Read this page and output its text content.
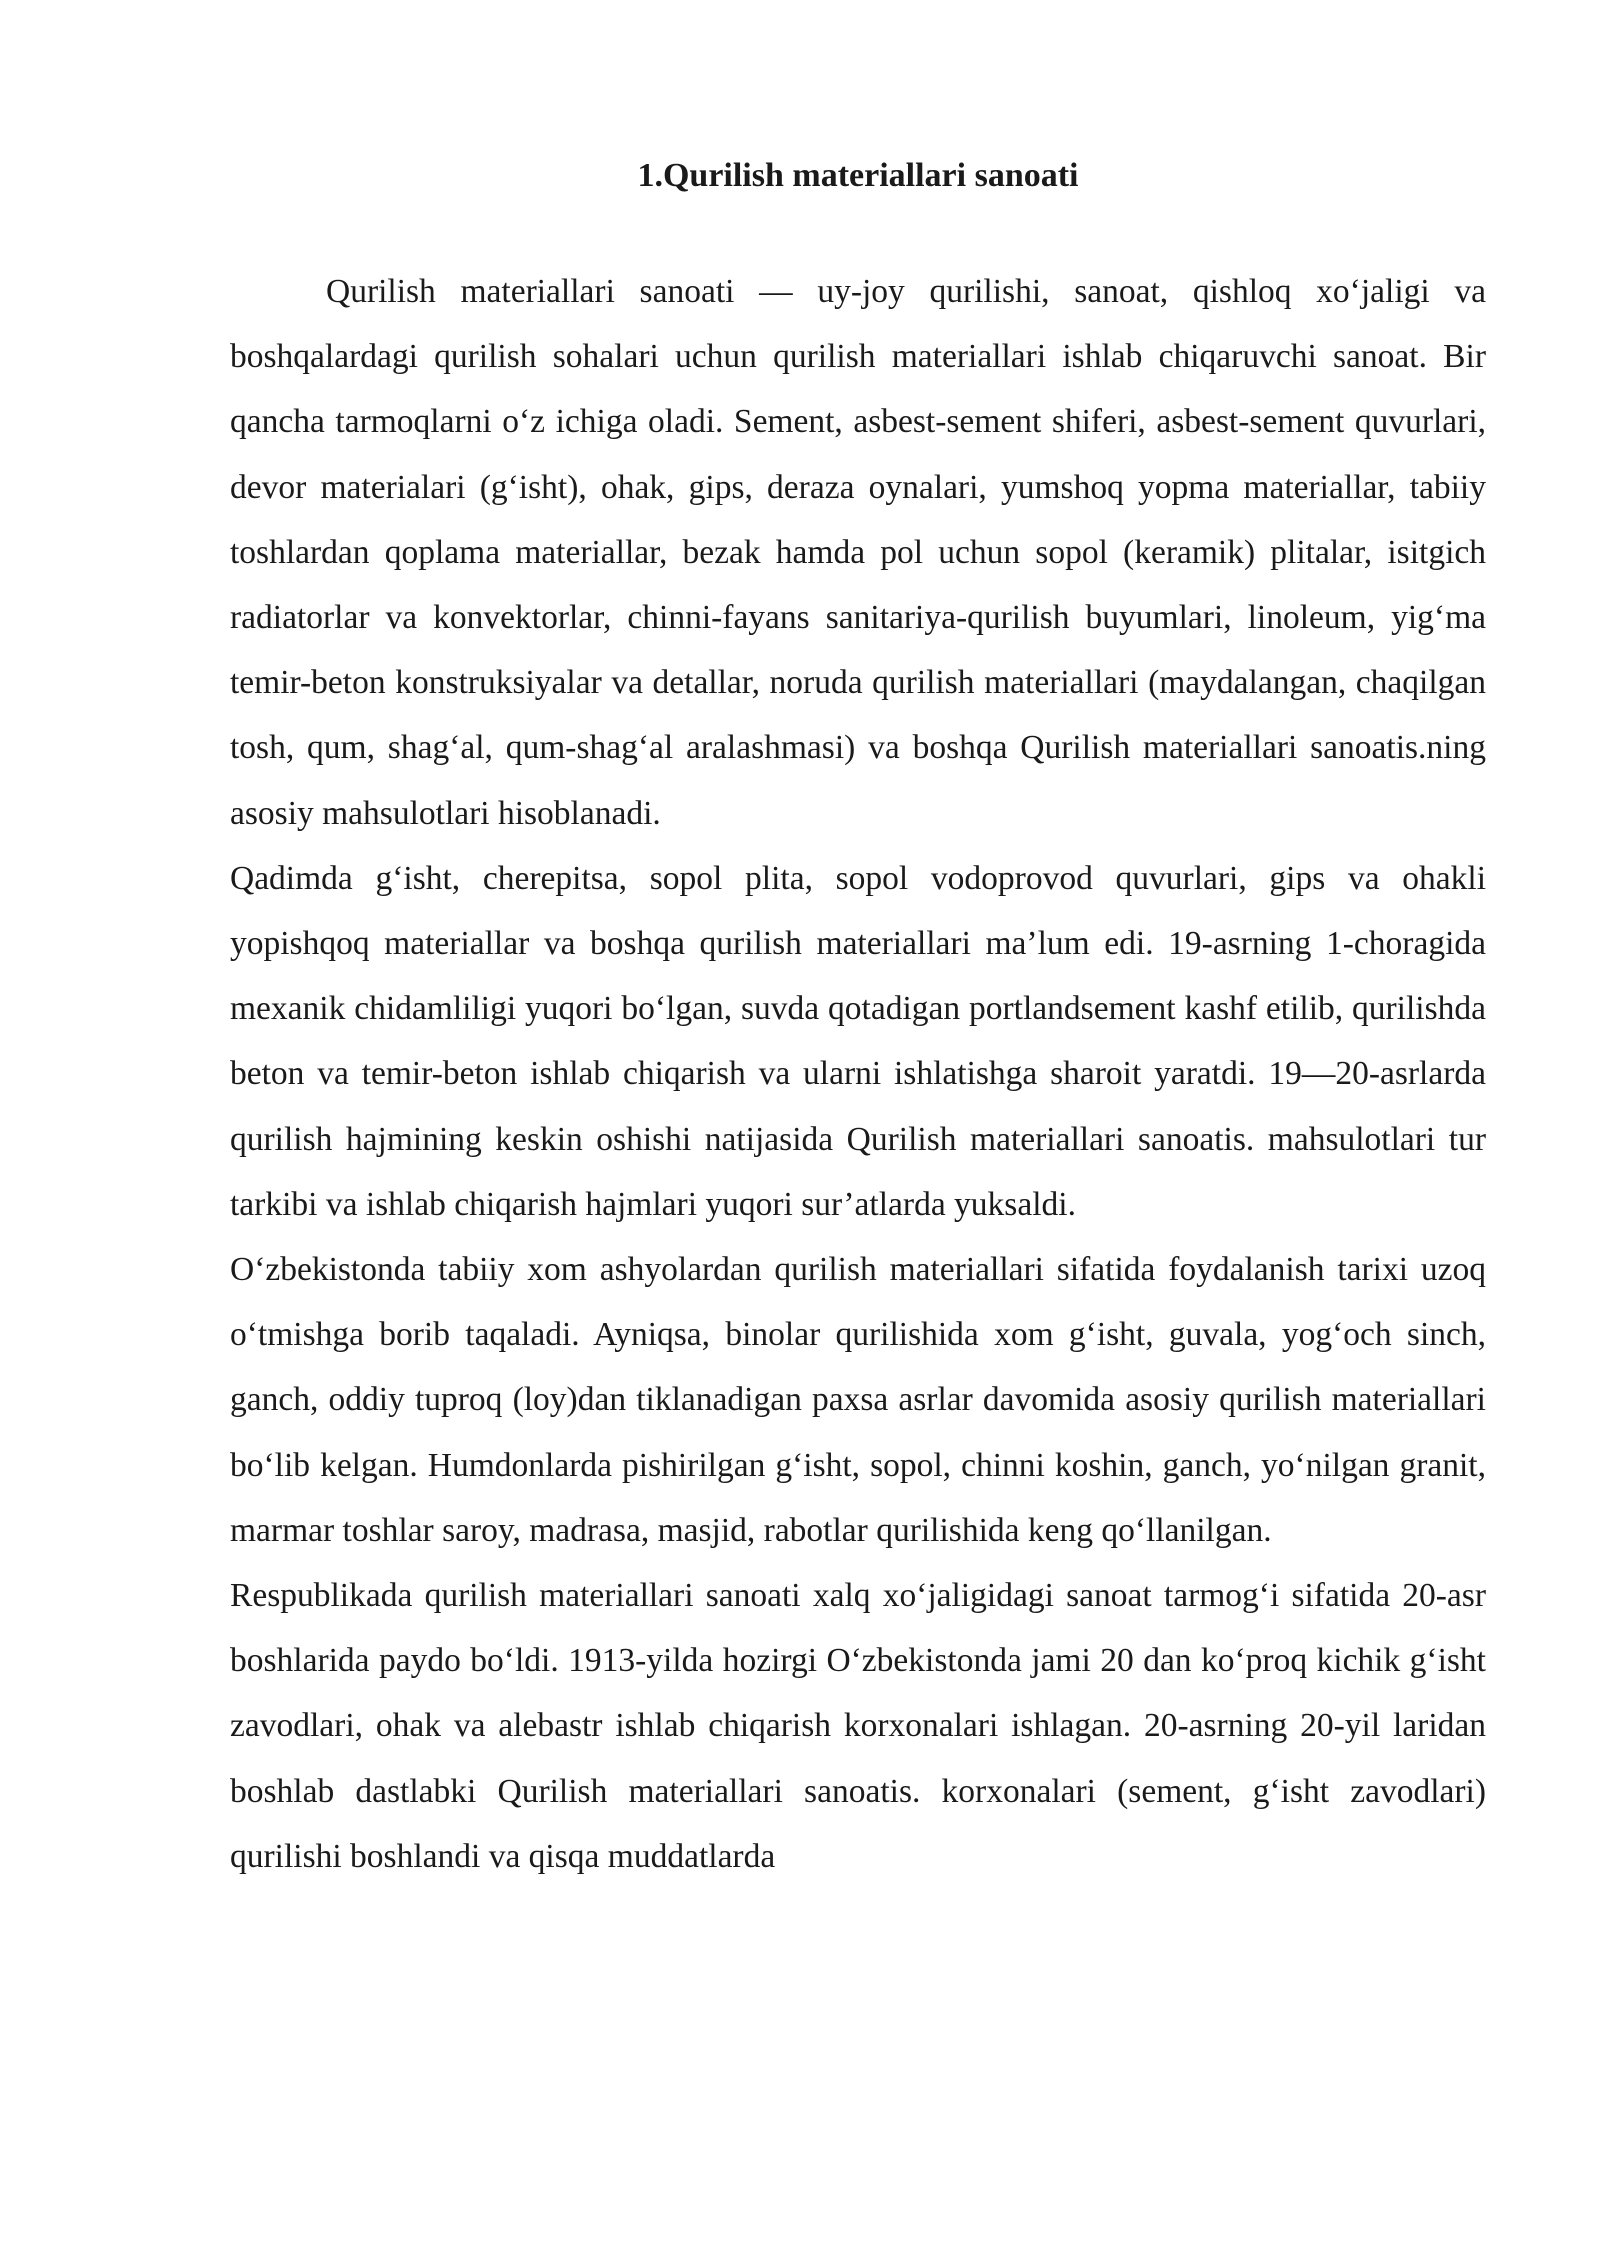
1.Qurilish materiallari sanoati

Qurilish materiallari sanoati — uy-joy qurilishi, sanoat, qishloq xo‘jaligi va boshqalardagi qurilish sohalari uchun qurilish materiallari ishlab chiqaruvchi sanoat. Bir qancha tarmoqlarni o‘z ichiga oladi. Sement, asbest-sement shiferi, asbest-sement quvurlari, devor materialari (g‘isht), ohak, gips, deraza oynalari, yumshoq yopma materiallar, tabiiy toshlardan qoplama materiallar, bezak hamda pol uchun sopol (keramik) plitalar, isitgich radiatorlar va konvektorlar, chinni-fayans sanitariya-qurilish buyumlari, linoleum, yig‘ma temir-beton konstruksiyalar va detallar, noruda qurilish materiallari (maydalangan, chaqilgan tosh, qum, shag‘al, qum-shag‘al aralashmasi) va boshqa Qurilish materiallari sanoatis.ning asosiy mahsulotlari hisoblanadi.

Qadimda g‘isht, cherepitsa, sopol plita, sopol vodoprovod quvurlari, gips va ohakli yopishqoq materiallar va boshqa qurilish materiallari ma’lum edi. 19-asrning 1-choragida mexanik chidamliligi yuqori bo‘lgan, suvda qotadigan portlandsement kashf etilib, qurilishda beton va temir-beton ishlab chiqarish va ularni ishlatishga sharoit yaratdi. 19—20-asrlarda qurilish hajmining keskin oshishi natijasida Qurilish materiallari sanoatis. mahsulotlari tur tarkibi va ishlab chiqarish hajmlari yuqori sur’atlarda yuksaldi.

O‘zbekistonda tabiiy xom ashyolardan qurilish materiallari sifatida foydalanish tarixi uzoq o‘tmishga borib taqaladi. Ayniqsa, binolar qurilishida xom g‘isht, guvala, yog‘och sinch, ganch, oddiy tuproq (loy)dan tiklanadigan paxsa asrlar davomida asosiy qurilish materiallari bo‘lib kelgan. Humdonlarda pishirilgan g‘isht, sopol, chinni koshin, ganch, yo‘nilgan granit, marmar toshlar saroy, madrasa, masjid, rabotlar qurilishida keng qo‘llanilgan.

Respublikada qurilish materiallari sanoati xalq xo‘jaligidagi sanoat tarmog‘i sifatida 20-asr boshlarida paydo bo‘ldi. 1913-yilda hozirgi O‘zbekistonda jami 20 dan ko‘proq kichik g‘isht zavodlari, ohak va alebastr ishlab chiqarish korxonalari ishlagan. 20-asrning 20-yil laridan boshlab dastlabki Qurilish materiallari sanoatis. korxonalari (sement, g‘isht zavodlari) qurilishi boshlandi va qisqa muddatlarda
